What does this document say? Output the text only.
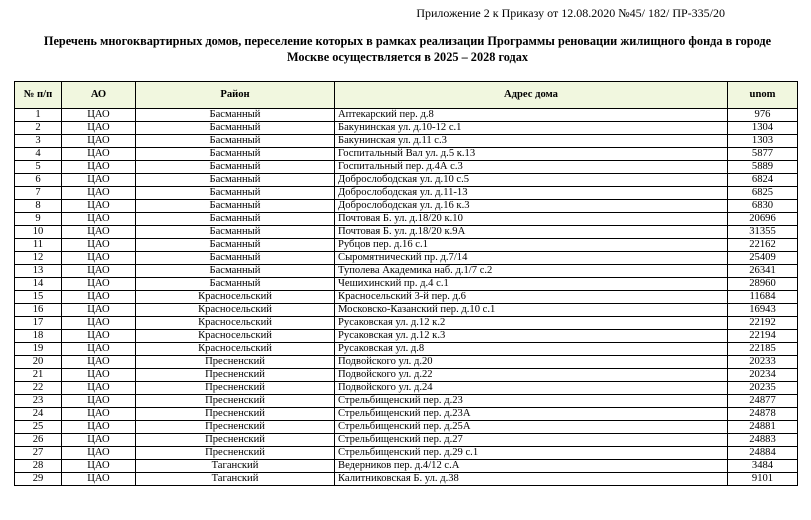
Приложение 2 к Приказу от 12.08.2020 №45/ 182/ ПР-335/20
Перечень многоквартирных домов, переселение которых в рамках реализации Программы реновации жилищного фонда в городе
Москве осуществляется в 2025 – 2028 годах
№ п/п	АО	Район	Адрес дома	unom
1	ЦАО	Басманный	Аптекарский пер. д.8	976
2	ЦАО	Басманный	Бакунинская ул. д.10-12 с.1	1304
3	ЦАО	Басманный	Бакунинская ул. д.11 с.3	1303
4	ЦАО	Басманный	Госпитальный Вал ул. д.5 к.13	5877
5	ЦАО	Басманный	Госпитальный пер. д.4А с.3	5889
6	ЦАО	Басманный	Доброслободская ул. д.10 с.5	6824
7	ЦАО	Басманный	Доброслободская ул. д.11-13	6825
8	ЦАО	Басманный	Доброслободская ул. д.16 к.3	6830
9	ЦАО	Басманный	Почтовая Б. ул. д.18/20 к.10	20696
10	ЦАО	Басманный	Почтовая Б. ул. д.18/20 к.9А	31355
11	ЦАО	Басманный	Рубцов пер. д.16 с.1	22162
12	ЦАО	Басманный	Сыромятнический пр. д.7/14	25409
13	ЦАО	Басманный	Туполева Академика наб. д.1/7 с.2	26341
14	ЦАО	Басманный	Чешихинский пр. д.4 с.1	28960
15	ЦАО	Красносельский	Красносельский 3-й пер. д.6	11684
16	ЦАО	Красносельский	Московско-Казанский пер. д.10 с.1	16943
17	ЦАО	Красносельский	Русаковская ул. д.12 к.2	22192
18	ЦАО	Красносельский	Русаковская ул. д.12 к.3	22194
19	ЦАО	Красносельский	Русаковская ул. д.8	22185
20	ЦАО	Пресненский	Подвойского ул. д.20	20233
21	ЦАО	Пресненский	Подвойского ул. д.22	20234
22	ЦАО	Пресненский	Подвойского ул. д.24	20235
23	ЦАО	Пресненский	Стрельбищенский пер. д.23	24877
24	ЦАО	Пресненский	Стрельбищенский пер. д.23А	24878
25	ЦАО	Пресненский	Стрельбищенский пер. д.25А	24881
26	ЦАО	Пресненский	Стрельбищенский пер. д.27	24883
27	ЦАО	Пресненский	Стрельбищенский пер. д.29 с.1	24884
28	ЦАО	Таганский	Ведерников пер. д.4/12 с.А	3484
29	ЦАО	Таганский	Калитниковская Б. ул. д.38	9101
